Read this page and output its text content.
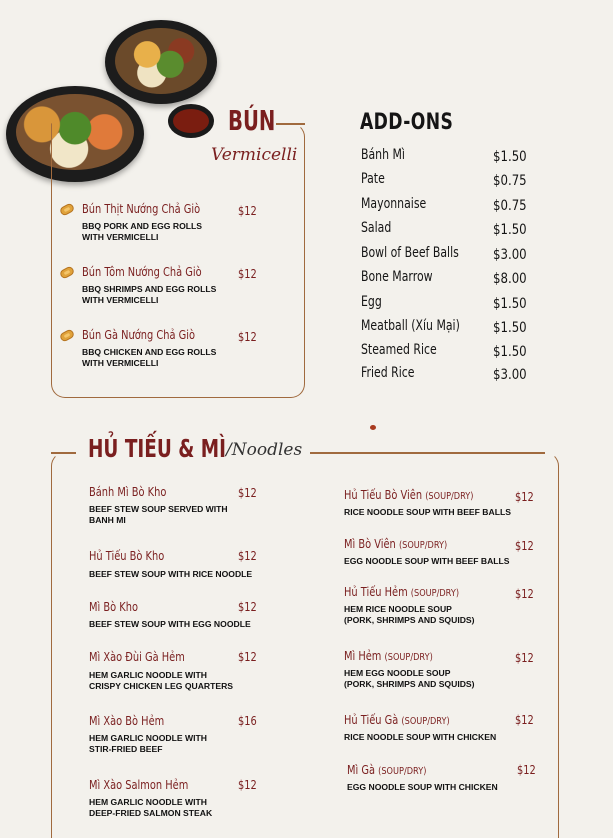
BÚN
Vermicelli
Bún Thịt Nướng Chả Giò	$12
BBQ PORK AND EGG ROLLS
WITH VERMICELLI
Bún Tôm Nướng Chả Giò	$12
BBQ SHRIMPS AND EGG ROLLS
WITH VERMICELLI
Bún Gà Nướng Chả Giò	$12
BBQ CHICKEN AND EGG ROLLS
WITH VERMICELLI
ADD-ONS
Bánh Mì	$1.50
Pate	$0.75
Mayonnaise	$0.75
Salad	$1.50
Bowl of Beef Balls $3.00
Bone Marrow	$8.00
Egg	$1.50
Meatball (Xíu Mại) $1.50
Steamed Rice	$1.50
Fried Rice	$3.00
HỦ TIẾU & MÌ /Noodles
Bánh Mì Bò Kho	$12
BEEF STEW SOUP SERVED WITH
BANH MI
Hủ Tiếu Bò Kho	$12
BEEF STEW SOUP WITH RICE NOODLE
Mì Bò Kho	$12
BEEF STEW SOUP WITH EGG NOODLE
Mì Xào Đùi Gà Hẻm	$12
HEM GARLIC NOODLE WITH
CRISPY CHICKEN LEG QUARTERS
Mì Xào Bò Hẻm	$16
HEM GARLIC NOODLE WITH
STIR-FRIED BEEF
Mì Xào Salmon Hẻm	$12
HEM GARLIC NOODLE WITH
DEEP-FRIED SALMON STEAK
Hủ Tiếu Bò Viên (SOUP/DRY)	$12
RICE NOODLE SOUP WITH BEEF BALLS
Mì Bò Viên (SOUP/DRY)	$12
EGG NOODLE SOUP WITH BEEF BALLS
Hủ Tiếu Hẻm (SOUP/DRY)	$12
HEM RICE NOODLE SOUP
(PORK, SHRIMPS AND SQUIDS)
Mì Hẻm (SOUP/DRY)	$12
HEM EGG NOODLE SOUP
(PORK, SHRIMPS AND SQUIDS)
Hủ Tiếu Gà (SOUP/DRY)	$12
RICE NOODLE SOUP WITH CHICKEN
Mì Gà (SOUP/DRY)	$12
EGG NOODLE SOUP WITH CHICKEN
